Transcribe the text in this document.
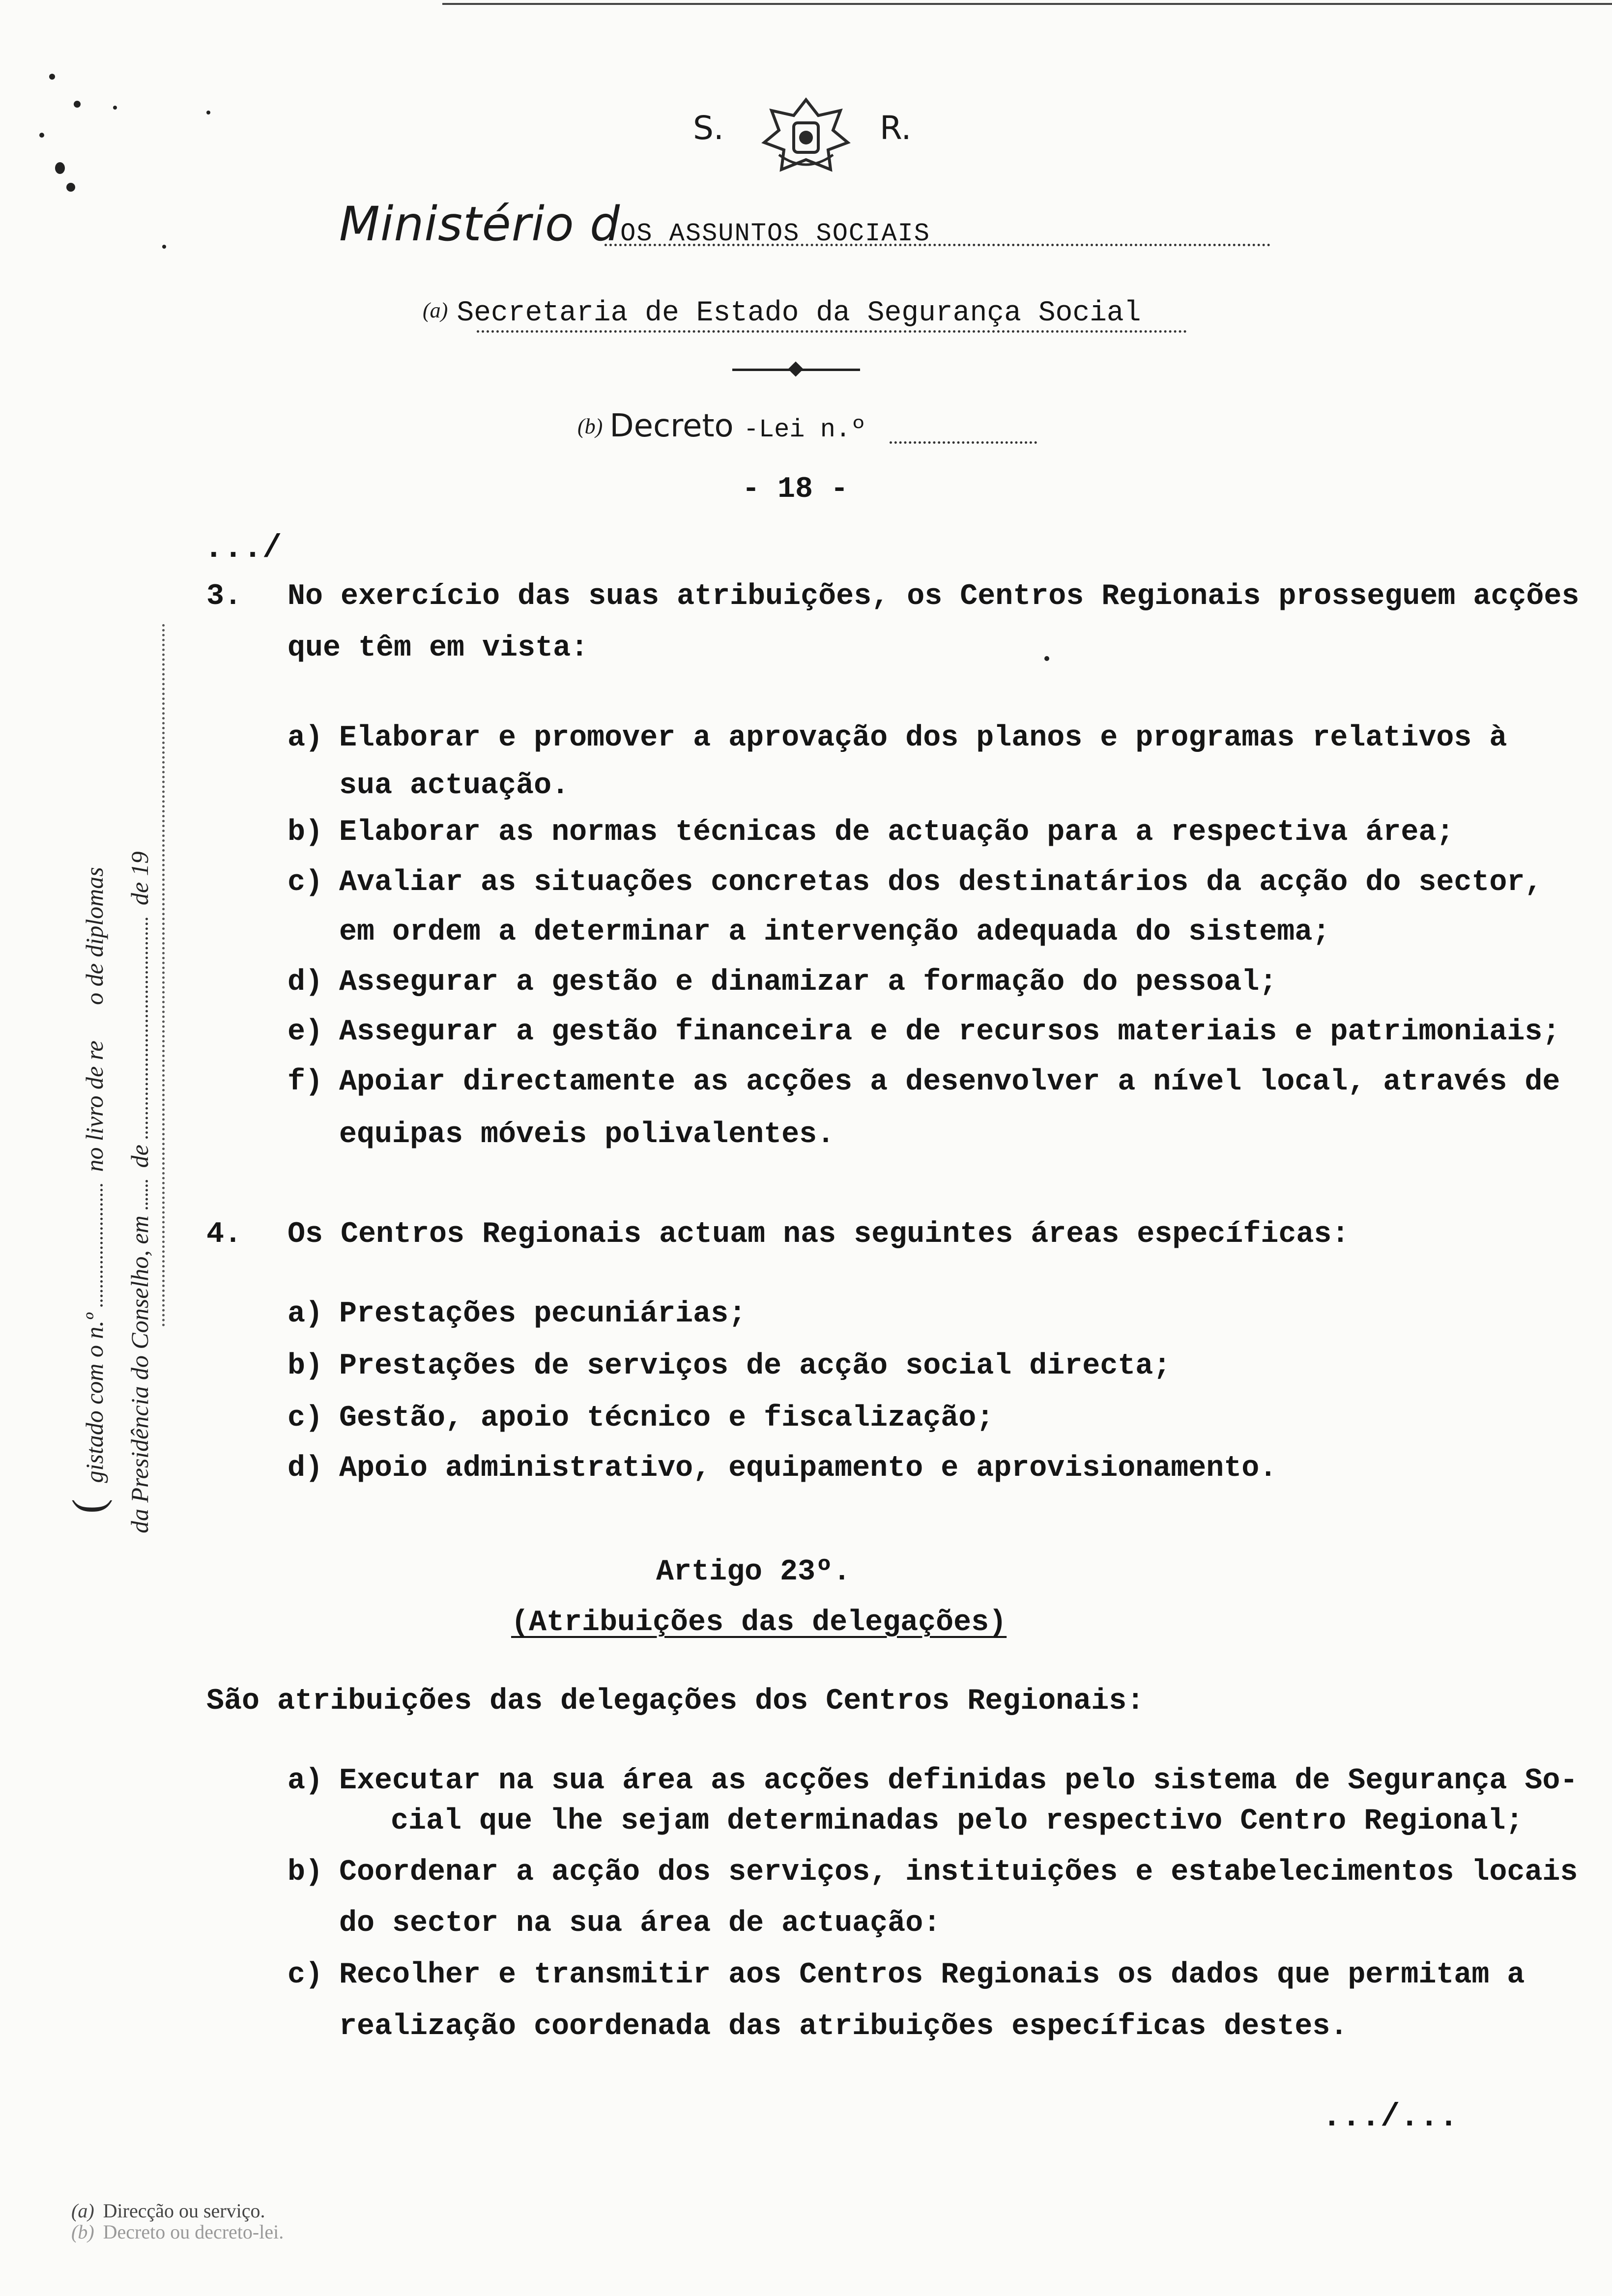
S.	R.
Ministério dOS ASSUNTOS SOCIAIS
(a) Secretaria de Estado da Segurança Social
(b) Decreto -Lei n.º
- 18 -
.../
3. No exercício das suas atribuições, os Centros Regionais prosseguem acções
que têm em vista:
a) Elaborar e promover a aprovação dos planos e programas relativos à
sua actuação.
b) Elaborar as normas técnicas de actuação para a respectiva área;
c) Avaliar as situações concretas dos destinatários da acção do sector,
em ordem a determinar a intervenção adequada do sistema;
d) Assegurar a gestão e dinamizar a formação do pessoal;
e) Assegurar a gestão financeira e de recursos materiais e patrimoniais;
f) Apoiar directamente as acções a desenvolver a nível local, através de
equipas móveis polivalentes.
4. Os Centros Regionais actuam nas seguintes áreas específicas:
a) Prestações pecuniárias;
b) Prestações de serviços de acção social directa;
c) Gestão, apoio técnico e fiscalização;
d) Apoio administrativo, equipamento e aprovisionamento.
Artigo 23º.
(Atribuições das delegações)
São atribuições das delegações dos Centros Regionais:
a) Executar na sua área as acções definidas pelo sistema de Segurança So-
cial que lhe sejam determinadas pelo respectivo Centro Regional;
b) Coordenar a acção dos serviços, instituições e estabelecimentos locais
do sector na sua área de actuação:
c) Recolher e transmitir aos Centros Regionais os dados que permitam a
realização coordenada das atribuições específicas destes.
.../...
( gistado com o n.º  no livro de re o de diplomas
da Presidência do Conselho, em  de  de 19
(a) Direcção ou serviço.
(b) Decreto ou decreto-lei.
